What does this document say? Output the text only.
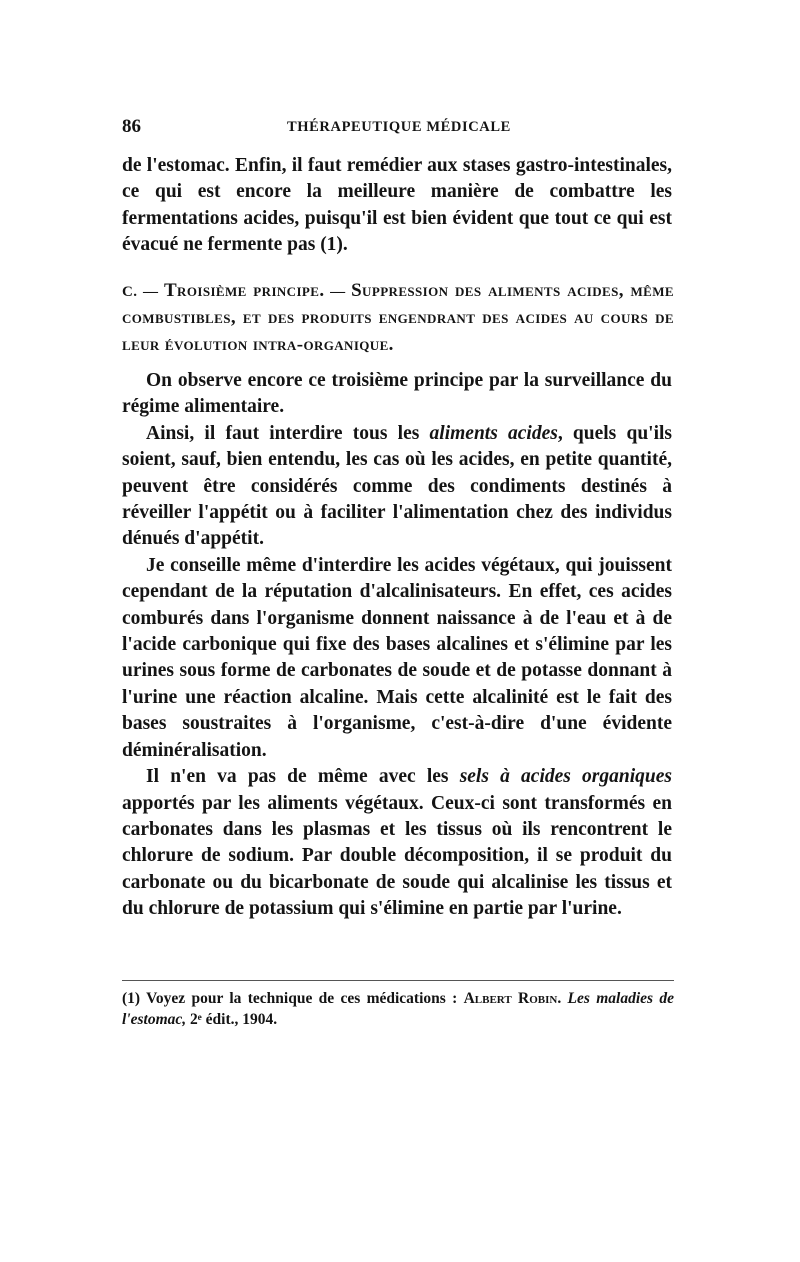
86	THÉRAPEUTIQUE MÉDICALE

de l'estomac. Enfin, il faut remédier aux stases gastro-intestinales, ce qui est encore la meilleure manière de combattre les fermentations acides, puisqu'il est bien évident que tout ce qui est évacué ne fermente pas (1).

C. — Troisième principe. — Suppression des aliments acides, même combustibles, et des produits engendrant des acides au cours de leur évolution intra-organique.

On observe encore ce troisième principe par la surveillance du régime alimentaire.

Ainsi, il faut interdire tous les aliments acides, quels qu'ils soient, sauf, bien entendu, les cas où les acides, en petite quantité, peuvent être considérés comme des condiments destinés à réveiller l'appétit ou à faciliter l'alimentation chez des individus dénués d'appétit.

Je conseille même d'interdire les acides végétaux, qui jouissent cependant de la réputation d'alcalinisateurs. En effet, ces acides comburés dans l'organisme donnent naissance à de l'eau et à de l'acide carbonique qui fixe des bases alcalines et s'élimine par les urines sous forme de carbonates de soude et de potasse donnant à l'urine une réaction alcaline. Mais cette alcalinité est le fait des bases soustraites à l'organisme, c'est-à-dire d'une évidente déminéralisation.

Il n'en va pas de même avec les sels à acides organiques apportés par les aliments végétaux. Ceux-ci sont transformés en carbonates dans les plasmas et les tissus où ils rencontrent le chlorure de sodium. Par double décomposition, il se produit du carbonate ou du bicarbonate de soude qui alcalinise les tissus et du chlorure de potassium qui s'élimine en partie par l'urine.

(1) Voyez pour la technique de ces médications : Albert Robin. Les maladies de l'estomac, 2ᵉ édit., 1904.
